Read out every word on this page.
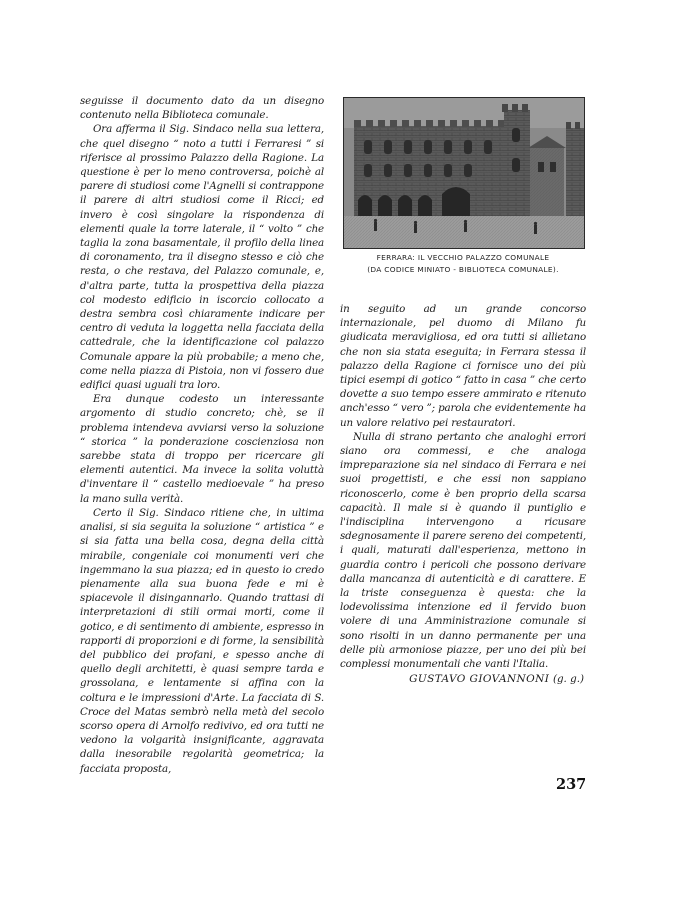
seguisse il documento dato da un disegno contenuto nella Biblioteca comunale.

Ora afferma il Sig. Sindaco nella sua lettera, che quel disegno “ noto a tutti i Ferraresi ” si riferisce al prossimo Palazzo della Ragione. La questione è per lo meno controversa, poichè al parere di studiosi come l'Agnelli si contrappone il parere di altri studiosi come il Ricci; ed invero è così singolare la rispondenza di elementi quale la torre laterale, il “ volto ” che taglia la zona basamentale, il profilo della linea di coronamento, tra il disegno stesso e ciò che resta, o che restava, del Palazzo comunale, e, d'altra parte, tutta la prospettiva della piazza col modesto edificio in iscorcio collocato a destra sembra così chiaramente indicare per centro di veduta la loggetta nella facciata della cattedrale, che la identificazione col palazzo Comunale appare la più probabile; a meno che, come nella piazza di Pistoia, non vi fossero due edifici quasi uguali tra loro.

Era dunque codesto un interessante argomento di studio concreto; chè, se il problema intendeva avviarsi verso la soluzione “ storica ” la ponderazione coscienziosa non sarebbe stata di troppo per ricercare gli elementi autentici. Ma invece la solita voluttà d'inventare il “ castello medioevale ” ha preso la mano sulla verità.

Certo il Sig. Sindaco ritiene che, in ultima analisi, si sia seguita la soluzione “ artistica ” e si sia fatta una bella cosa, degna della città mirabile, congeniale coi monumenti veri che ingemmano la sua piazza; ed in questo io credo pienamente alla sua buona fede e mi è spiacevole il disingannarlo. Quando trattasi di interpretazioni di stili ormai morti, come il gotico, e di sentimento di ambiente, espresso in rapporti di proporzioni e di forme, la sensibilità del pubblico dei profani, e spesso anche di quello degli architetti, è quasi sempre tarda e grossolana, e lentamente si affina con la coltura e le impressioni d'Arte. La facciata di S. Croce del Matas sembrò nella metà del secolo scorso opera di Arnolfo redivivo, ed ora tutti ne vedono la volgarità insignificante, aggravata dalla inesorabile regolarità geometrica; la facciata proposta,

FERRARA: IL VECCHIO PALAZZO COMUNALE
(DA CODICE MINIATO - BIBLIOTECA COMUNALE).

in seguito ad un grande concorso internazionale, pel duomo di Milano fu giudicata meravigliosa, ed ora tutti si allietano che non sia stata eseguita; in Ferrara stessa il palazzo della Ragione ci fornisce uno dei più tipici esempi di gotico “ fatto in casa ” che certo dovette a suo tempo essere ammirato e ritenuto anch'esso “ vero ”; parola che evidentemente ha un valore relativo pei restauratori.

Nulla di strano pertanto che analoghi errori siano ora commessi, e che analoga impreparazione sia nel sindaco di Ferrara e nei suoi progettisti, e che essi non sappiano riconoscerlo, come è ben proprio della scarsa capacità. Il male si è quando il puntiglio e l'indisciplina intervengono a ricusare sdegnosamente il parere sereno dei competenti, i quali, maturati dall'esperienza, mettono in guardia contro i pericoli che possono derivare dalla mancanza di autenticità e di carattere. E la triste conseguenza è questa: che la lodevolissima intenzione ed il fervido buon volere di una Amministrazione comunale si sono risolti in un danno permanente per una delle più armoniose piazze, per uno dei più bei complessi monumentali che vanti l'Italia.

GUSTAVO GIOVANNONI (g. g.)
237
